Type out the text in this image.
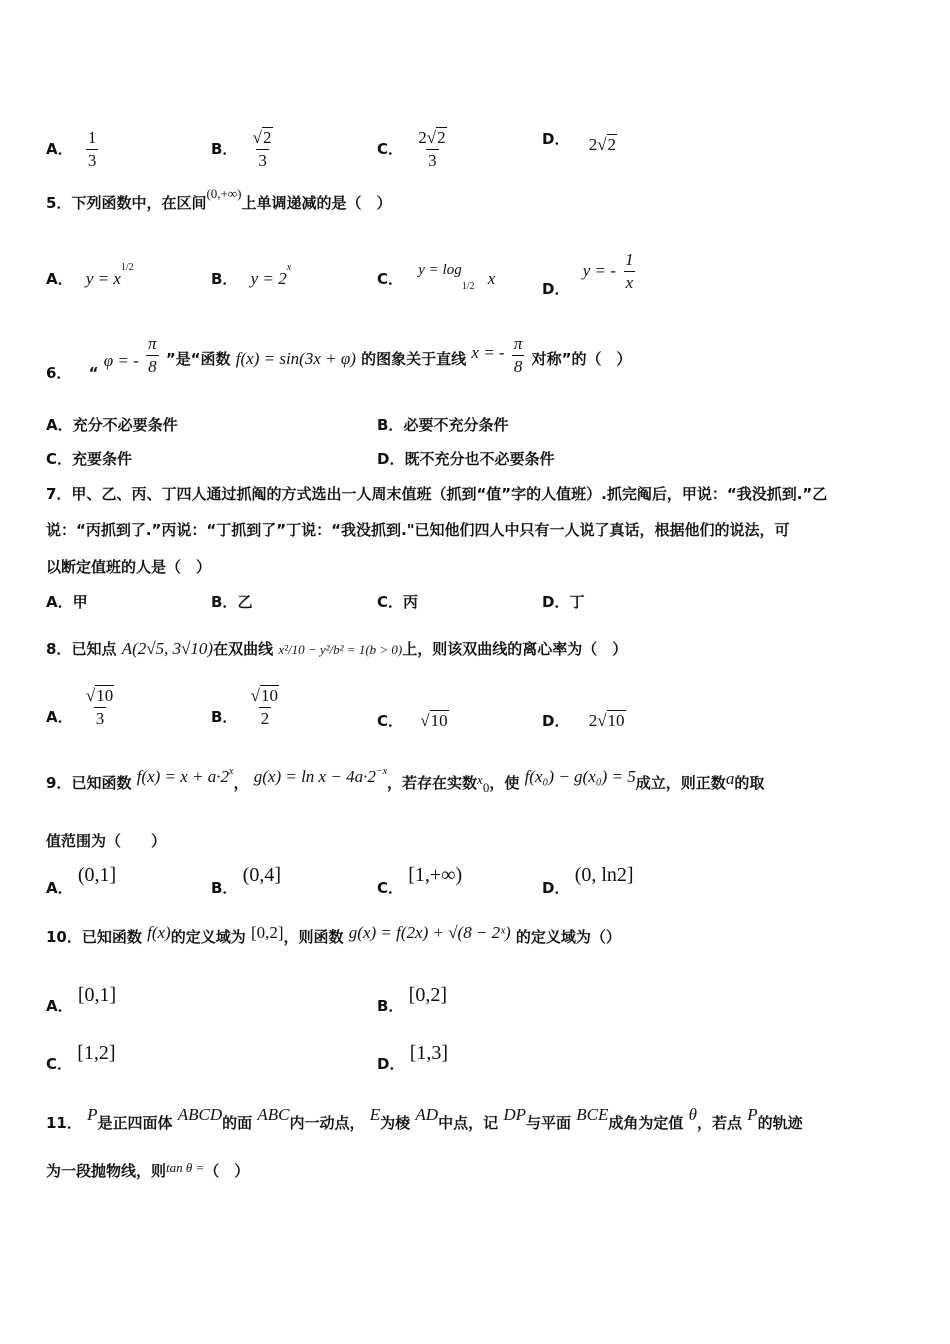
A． $\frac{1}{3}$	B． $\frac{√2}{3}$	C． $\frac{2√2}{3}$	D． 2√2
5．下列函数中，在区间(0,+∞)上单调递减的是（　）
A． $y = x^{1/2}$
B． $y = 2^x$
C． $y = \log_{1/2} x$
D． y = - $\frac{1}{x}$
6． “ φ = - $\frac{\pi}{8}$ ”是“函数 f(x) = sin(3x + φ) 的图象关于直线 x = - $\frac{\pi}{8}$ 对称”的（　）
A．充分不必要条件	B．必要不充分条件
C．充要条件	D．既不充分也不必要条件
7．甲、乙、丙、丁四人通过抓阄的方式选出一人周末值班（抓到“值”字的人值班）.抓完阄后，甲说：“我没抓到.”乙
说：“丙抓到了.”丙说：“丁抓到了”丁说：“我没抓到."已知他们四人中只有一人说了真话，根据他们的说法，可
以断定值班的人是（　）
A．甲	B．乙	C．丙	D．丁
8．已知点 A(2√5, 3√10)在双曲线 x²/10 − y²/b² = 1(b > 0)上，则该双曲线的离心率为（　）
A． $\frac{√10}{3}$	B． $\frac{√10}{2}$	C． √10	D． 2√10
9．已知函数 $f(x) = x + a\cdot 2^x$， $g(x) = \ln x - 4a\cdot 2^{-x}$，若存在实数x0，使 f(x₀) − g(x₀) = 5成立，则正数a的取
值范围为（　　）
A． (0,1]
B． (0,4]
C． [1,+∞)
D． (0, ln2]
10．已知函数 f(x)的定义域为 [0,2]，则函数 g(x) = f(2x) + √(8 − 2ˣ) 的定义域为（）
A． [0,1]	B． [0,2]
C． [1,2]	D． [1,3]
11． P是正四面体 ABCD的面 ABC内一动点， E为棱 AD中点，记 DP与平面 BCE成角为定值 θ，若点 P的轨迹
为一段抛物线，则tan θ =（　）
